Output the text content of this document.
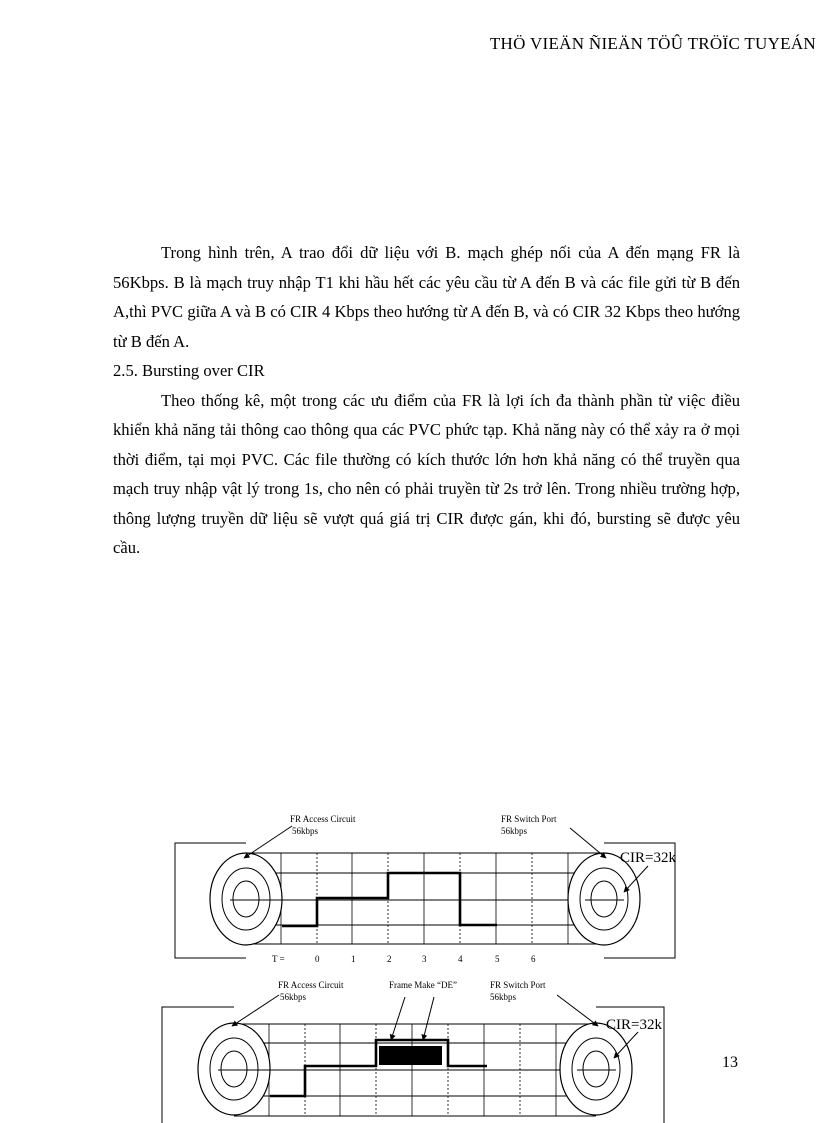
THÖ VIEÄN ÑIEÄN TÖÛ TRÖÏC TUYEÁN

Trong hình trên, A trao đổi dữ liệu với B. mạch ghép nối của A đến mạng FR là 56Kbps. B là mạch truy nhập T1 khi hầu hết các yêu cầu từ A đến B và các file gửi từ B đến A,thì PVC giữa A và B có CIR 4 Kbps theo hướng từ A đến B, và có CIR 32 Kbps theo hướng từ B đến A.

2.5. Bursting over CIR

Theo thống kê, một trong các ưu điểm của FR là lợi ích đa thành phần từ việc điều khiển khả năng tải thông cao thông qua các PVC phức tạp. Khả năng này có thể xảy ra ở mọi thời điểm, tại mọi PVC. Các file thường có kích thước lớn hơn khả năng có thể truyền qua mạch truy nhập vật lý trong 1s, cho nên có phải truyền từ 2s trở lên. Trong nhiều trường hợp, thông lượng truyền dữ liệu sẽ vượt quá giá trị CIR được gán, khi đó, bursting sẽ được yêu cầu.

FR Access Circuit
56kbps
FR Switch Port
56kbps
CIR=32k
T =	0	1	2	3	4	5	6
FR Access Circuit
56kbps
Frame Make “DE”	FR Switch Port
56kbps
CIR=32k
13
